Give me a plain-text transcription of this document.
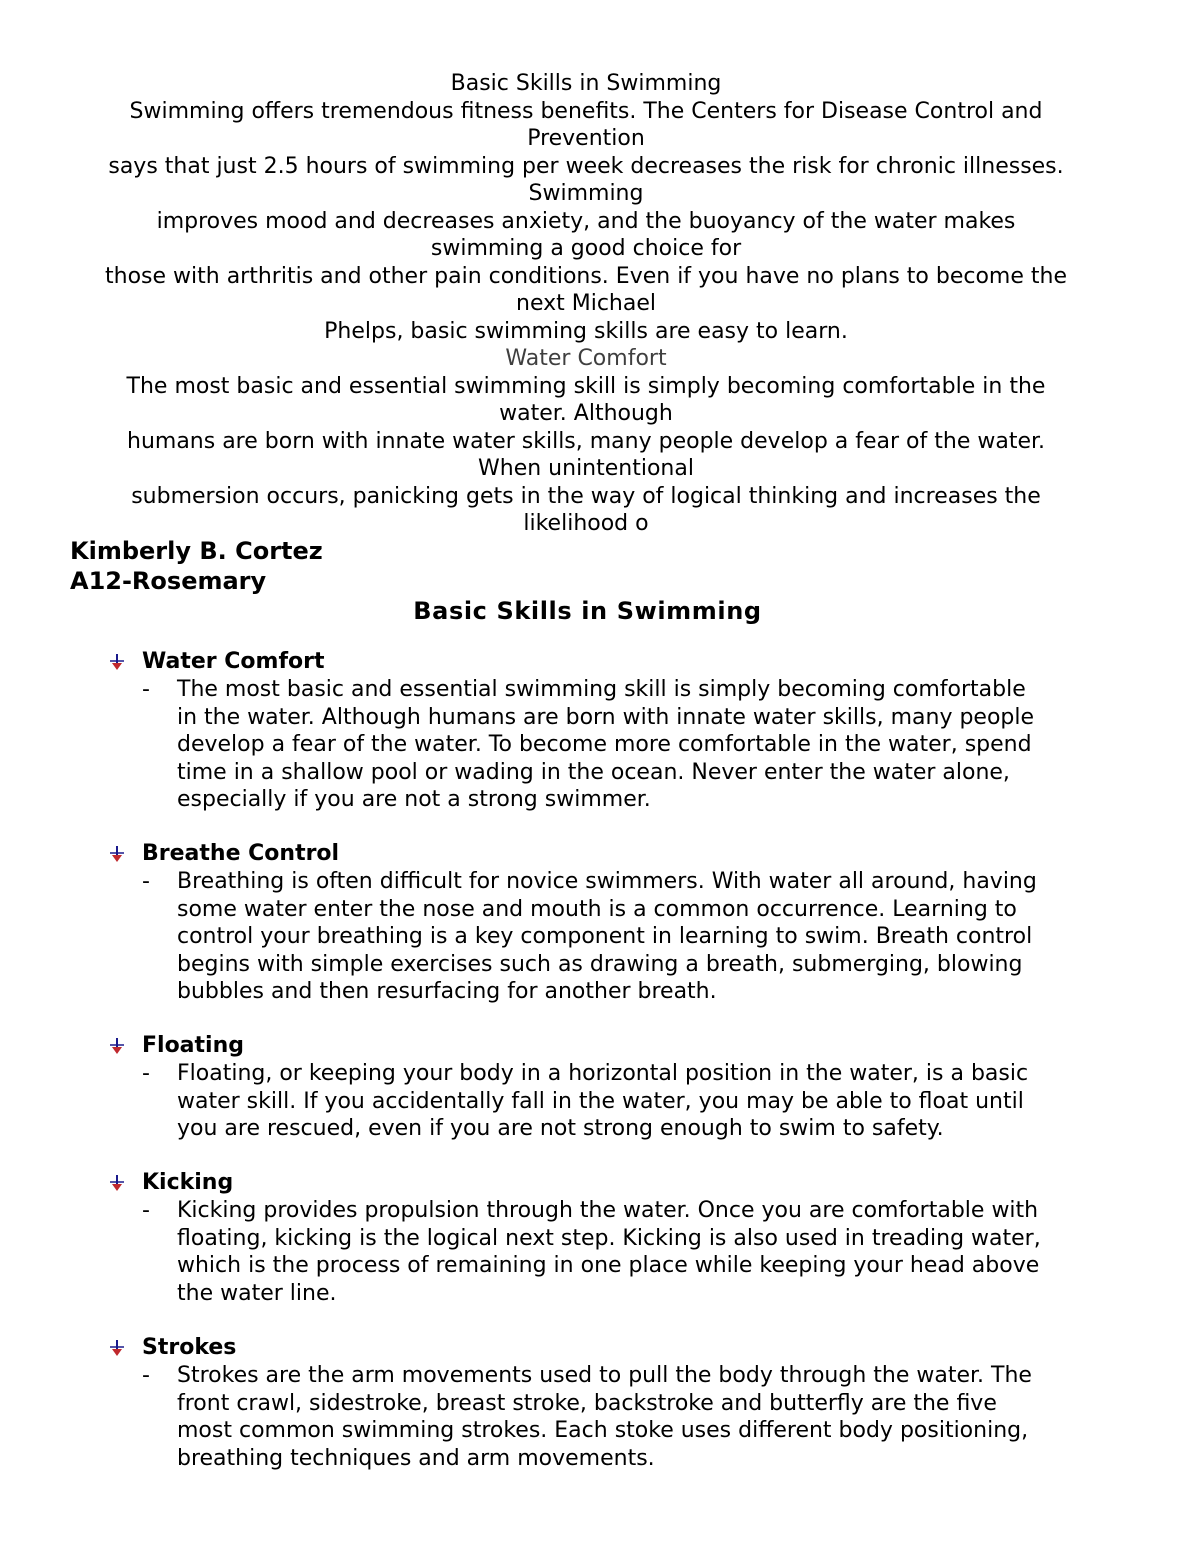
Basic Skills in Swimming
Swimming offers tremendous fitness benefits. The Centers for Disease Control and
Prevention
says that just 2.5 hours of swimming per week decreases the risk for chronic illnesses.
Swimming
improves mood and decreases anxiety, and the buoyancy of the water makes
swimming a good choice for
those with arthritis and other pain conditions. Even if you have no plans to become the
next Michael
Phelps, basic swimming skills are easy to learn.
Water Comfort
The most basic and essential swimming skill is simply becoming comfortable in the
water. Although
humans are born with innate water skills, many people develop a fear of the water.
When unintentional
submersion occurs, panicking gets in the way of logical thinking and increases the
likelihood o
Kimberly B. Cortez
A12-Rosemary
Basic Skills in Swimming
Water Comfort
- The most basic and essential swimming skill is simply becoming comfortable
in the water. Although humans are born with innate water skills, many people
develop a fear of the water. To become more comfortable in the water, spend
time in a shallow pool or wading in the ocean. Never enter the water alone,
especially if you are not a strong swimmer.
Breathe Control
- Breathing is often difficult for novice swimmers. With water all around, having
some water enter the nose and mouth is a common occurrence. Learning to
control your breathing is a key component in learning to swim. Breath control
begins with simple exercises such as drawing a breath, submerging, blowing
bubbles and then resurfacing for another breath.
Floating
- Floating, or keeping your body in a horizontal position in the water, is a basic
water skill. If you accidentally fall in the water, you may be able to float until
you are rescued, even if you are not strong enough to swim to safety.
Kicking
- Kicking provides propulsion through the water. Once you are comfortable with
floating, kicking is the logical next step. Kicking is also used in treading water,
which is the process of remaining in one place while keeping your head above
the water line.
Strokes
- Strokes are the arm movements used to pull the body through the water. The
front crawl, sidestroke, breast stroke, backstroke and butterfly are the five
most common swimming strokes. Each stoke uses different body positioning,
breathing techniques and arm movements.
